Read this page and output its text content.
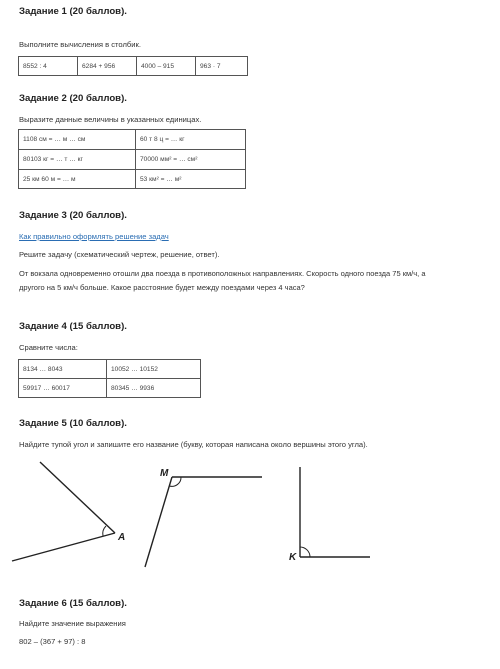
Задание 1 (20 баллов).
Выполните вычисления в столбик.
8552 : 4	6284 + 956	4000 – 915	963 · 7
Задание 2 (20 баллов).
Выразите данные величины в указанных единицах.
1108 см = … м … см	60 т 8 ц = … кг
80103 кг = … т … кг	70000 мм² = … см²
25 км 60 м = … м	53 км² = … м²
Задание 3 (20 баллов).
Как правильно оформлять решение задач
Решите задачу (схематический чертеж, решение, ответ).
От вокзала одновременно отошли два поезда в противоположных направлениях. Скорость одного поезда 75 км/ч, а
другого на 5 км/ч больше. Какое расстояние будет между поездами через 4 часа?
Задание 4 (15 баллов).
Сравните числа:
8134 … 8043	10052 … 10152
59917 … 60017	80345 … 9936
Задание 5 (10 баллов).
Найдите тупой угол и запишите его название (букву, которая написана около вершины этого угла).
A
M
K
Задание 6 (15 баллов).
Найдите значение выражения
802 – (367 + 97) : 8
